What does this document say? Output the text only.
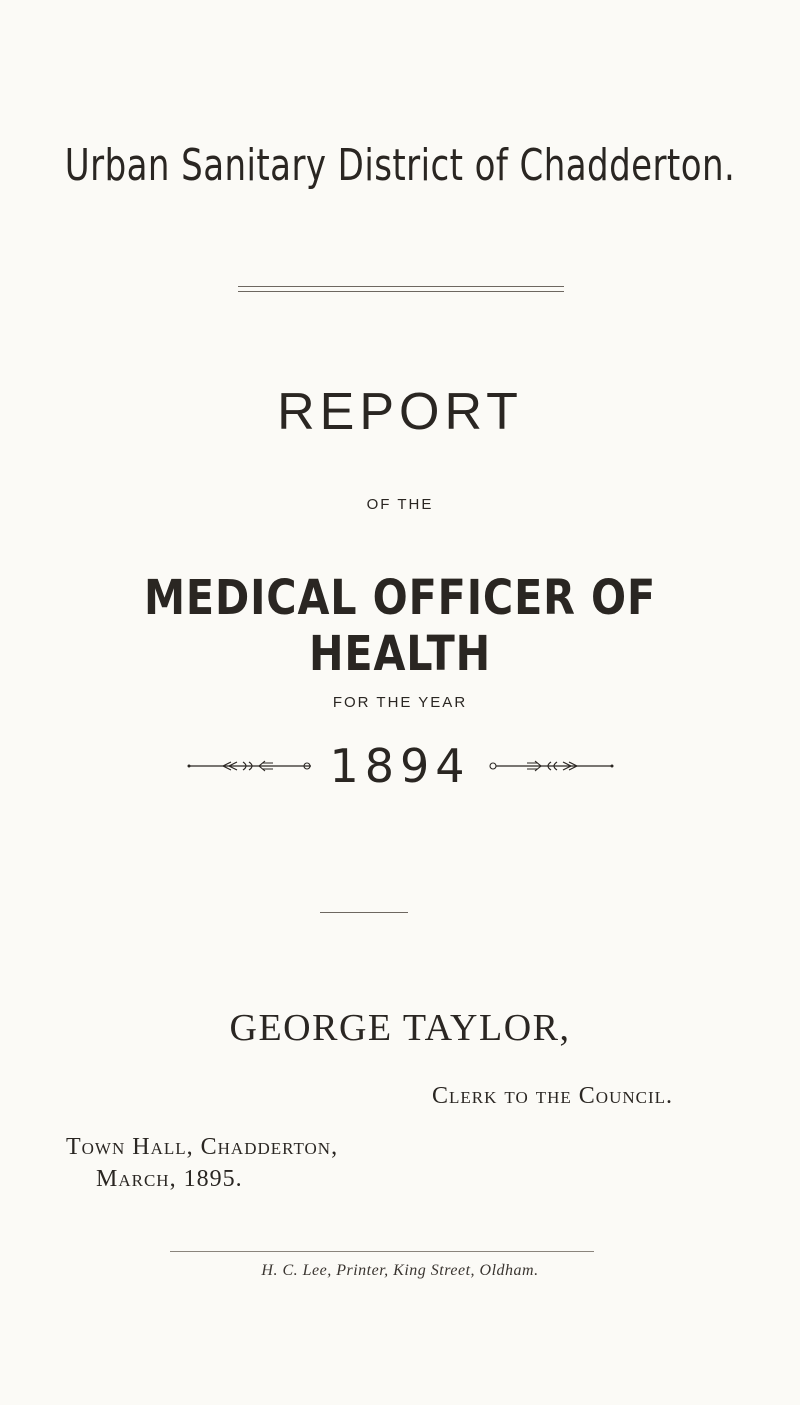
Urban Sanitary District of Chadderton.
REPORT
OF THE
MEDICAL OFFICER OF HEALTH
FOR THE YEAR
1894
GEORGE TAYLOR,
Clerk to the Council.
Town Hall, Chadderton,
March, 1895.
H. C. Lee, Printer, King Street, Oldham.
